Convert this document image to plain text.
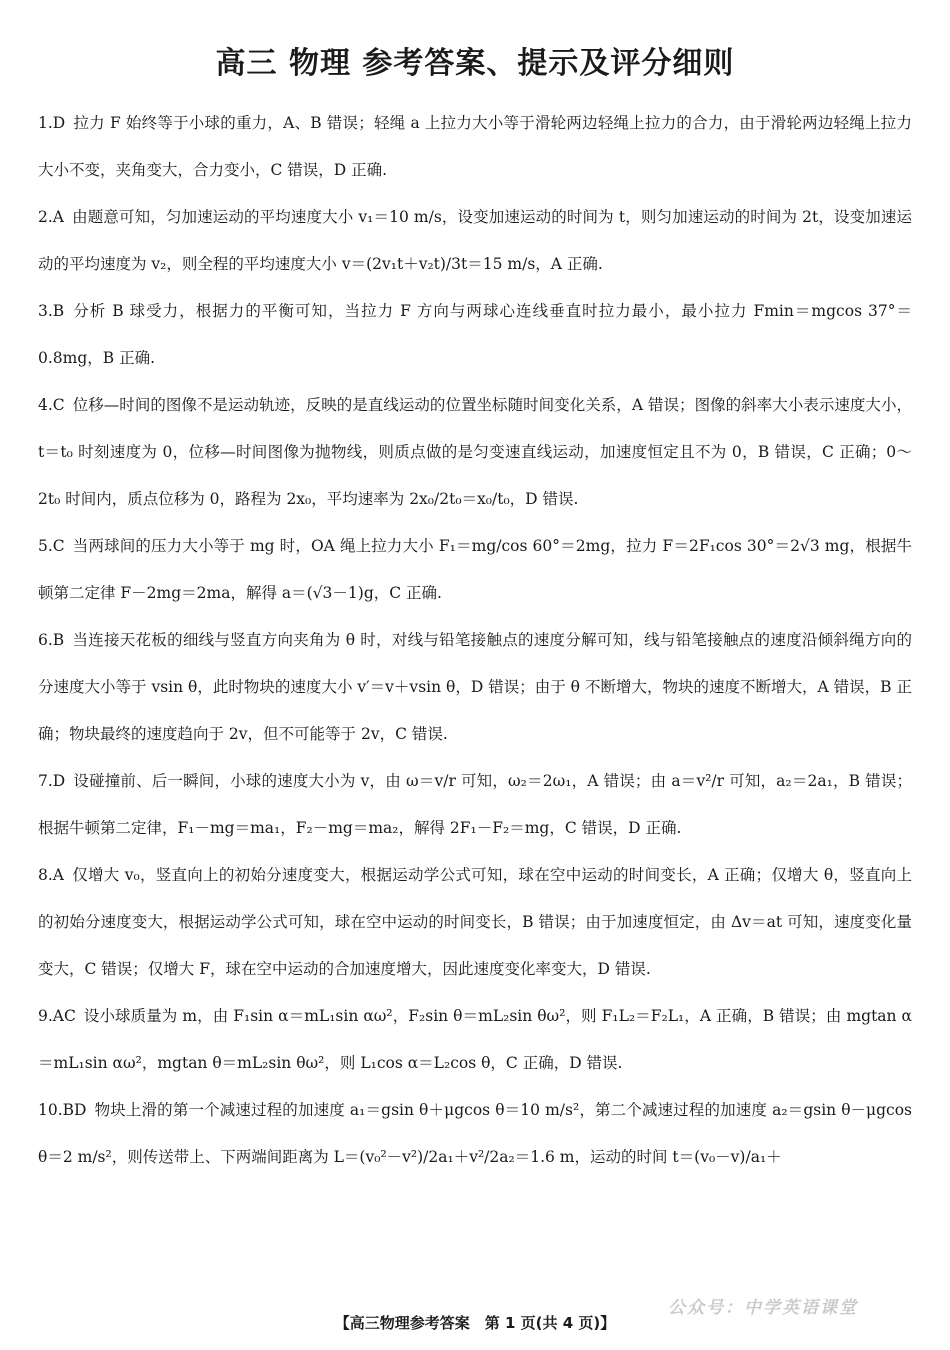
高三 物理 参考答案、提示及评分细则

1.D 拉力 F 始终等于小球的重力，A、B 错误；轻绳 a 上拉力大小等于滑轮两边轻绳上拉力的合力，由于滑轮两边轻绳上拉力大小不变，夹角变大，合力变小，C 错误，D 正确.

2.A 由题意可知，匀加速运动的平均速度大小 v₁＝10 m/s，设变加速运动的时间为 t，则匀加速运动的时间为 2t，设变加速运动的平均速度为 v₂，则全程的平均速度大小 v＝(2v₁t＋v₂t)/3t＝15 m/s，A 正确.

3.B 分析 B 球受力，根据力的平衡可知，当拉力 F 方向与两球心连线垂直时拉力最小，最小拉力 Fmin＝mgcos 37°＝0.8mg，B 正确.

4.C 位移—时间的图像不是运动轨迹，反映的是直线运动的位置坐标随时间变化关系，A 错误；图像的斜率大小表示速度大小，t＝t₀ 时刻速度为 0，位移—时间图像为抛物线，则质点做的是匀变速直线运动，加速度恒定且不为 0，B 错误，C 正确；0～2t₀ 时间内，质点位移为 0，路程为 2x₀，平均速率为 2x₀/2t₀＝x₀/t₀，D 错误.

5.C 当两球间的压力大小等于 mg 时，OA 绳上拉力大小 F₁＝mg/cos 60°＝2mg，拉力 F＝2F₁cos 30°＝2√3 mg，根据牛顿第二定律 F－2mg＝2ma，解得 a＝(√3－1)g，C 正确.

6.B 当连接天花板的细线与竖直方向夹角为 θ 时，对线与铅笔接触点的速度分解可知，线与铅笔接触点的速度沿倾斜绳方向的分速度大小等于 vsin θ，此时物块的速度大小 v′＝v＋vsin θ，D 错误；由于 θ 不断增大，物块的速度不断增大，A 错误，B 正确；物块最终的速度趋向于 2v，但不可能等于 2v，C 错误.

7.D 设碰撞前、后一瞬间，小球的速度大小为 v，由 ω＝v/r 可知，ω₂＝2ω₁，A 错误；由 a＝v²/r 可知，a₂＝2a₁，B 错误；根据牛顿第二定律，F₁－mg＝ma₁，F₂－mg＝ma₂，解得 2F₁－F₂＝mg，C 错误，D 正确.

8.A 仅增大 v₀，竖直向上的初始分速度变大，根据运动学公式可知，球在空中运动的时间变长，A 正确；仅增大 θ，竖直向上的初始分速度变大，根据运动学公式可知，球在空中运动的时间变长，B 错误；由于加速度恒定，由 Δv＝at 可知，速度变化量变大，C 错误；仅增大 F，球在空中运动的合加速度增大，因此速度变化率变大，D 错误.

9.AC 设小球质量为 m，由 F₁sin α＝mL₁sin αω²，F₂sin θ＝mL₂sin θω²，则 F₁L₂＝F₂L₁，A 正确，B 错误；由 mgtan α＝mL₁sin αω²，mgtan θ＝mL₂sin θω²，则 L₁cos α＝L₂cos θ，C 正确，D 错误.

10.BD 物块上滑的第一个减速过程的加速度 a₁＝gsin θ＋μgcos θ＝10 m/s²，第二个减速过程的加速度 a₂＝gsin θ－μgcos θ＝2 m/s²，则传送带上、下两端间距离为 L＝(v₀²－v²)/2a₁＋v²/2a₂＝1.6 m，运动的时间 t＝(v₀－v)/a₁＋

公众号：中学英语课堂
【高三物理参考答案　第 1 页(共 4 页)】
